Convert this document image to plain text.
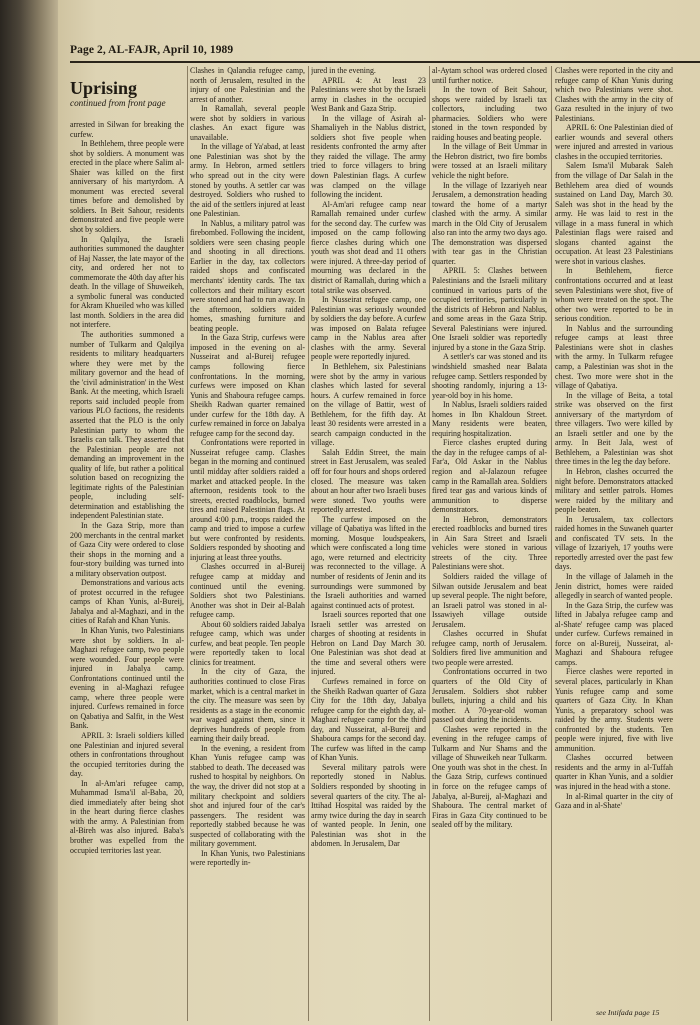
Page 2, AL-FAJR, April 10, 1989
Uprising
continued from front page

arrested in Silwan for breaking the curfew.

In Bethlehem, three people were shot by soldiers. A monument was erected in the place where Salim al-Shaier was killed on the first anniversary of his martyrdom. A monument was erected several times before and demolished by soldiers. In Beit Sahour, residents demonstrated and five people were shot by soldiers.

In Qalqilya, the Israeli authorities summoned the daughter of Haj Nasser, the late mayor of the city, and ordered her not to commemorate the 40th day after his death. In the village of Shuweikeh, a symbolic funeral was conducted for Akram Khueiled who was killed last month. Soldiers in the area did not interfere.

The authorities summoned a number of Tulkarm and Qalqilya residents to military headquarters where they were met by the military governor and the head of the 'civil administration' in the West Bank. At the meeting, which Israeli reports said included people from various PLO factions, the residents asserted that the PLO is the only Palestinian party to whom the Israelis can talk. They asserted that the Palestinian people are not demanding an improvement in the quality of life, but rather a political solution based on recognizing the legitimate rights of the Palestinian people, including self-determination and establishing the independent Palestinian state.

In the Gaza Strip, more than 200 merchants in the central market of Gaza City were ordered to close their shops in the morning and a four-story building was turned into a military observation outpost.

Demonstrations and various acts of protest occurred in the refugee camps of Khan Yunis, al-Bureij, Jabalya and al-Maghazi, and in the cities of Rafah and Khan Yunis.

In Khan Yunis, two Palestinians were shot by soldiers. In al-Maghazi refugee camp, two people were wounded. Four people were injured in Jabalya camp. Confrontations continued until the evening in al-Maghazi refugee camp, where three people were injured. Curfews remained in force on Qabatiya and Salfit, in the West Bank.

APRIL 3: Israeli soldiers killed one Palestinian and injured several others in confrontations throughout the occupied territories during the day.

In al-Am'ari refugee camp, Muhammad Isma'il al-Baba, 20, died immediately after being shot in the heart during fierce clashes with the army. A Palestinian from al-Bireh was also injured. Baba's brother was expelled from the occupied territories last year.

Clashes in Qalandia refugee camp, north of Jerusalem, resulted in the injury of one Palestinian and the arrest of another.

In Ramallah, several people were shot by soldiers in various clashes. An exact figure was unavailable.

In the village of Ya'abad, at least one Palestinian was shot by the army. In Hebron, armed settlers who spread out in the city were stoned by youths. A settler car was destroyed. Soldiers who rushed to the aid of the settlers injured at least one Palestinian.

In Nablus, a military patrol was firebombed. Following the incident, soldiers were seen chasing people and shooting in all directions. Earlier in the day, tax collectors raided shops and confiscated merchants' identity cards. The tax collectors and their military escort were stoned and had to run away. In the afternoon, soldiers raided homes, smashing furniture and beating people.

In the Gaza Strip, curfews were imposed in the evening on al-Nusseirat and al-Bureij refugee camps following fierce confrontations. In the morning, curfews were imposed on Khan Yunis and Shaboura refugee camps. Sheikh Radwan quarter remained under curfew for the 18th day. A curfew remained in force on Jabalya refugee camp for the second day.

Confrontations were reported in Nusseirat refugee camp. Clashes began in the morning and continued until midday after soldiers raided a market and attacked people. In the afternoon, residents took to the streets, erected roadblocks, burned tires and raised Palestinian flags. At around 4:00 p.m., troops raided the camp and tried to impose a curfew but were confronted by residents. Soldiers responded by shooting and injuring at least three youths.

Clashes occurred in al-Bureij refugee camp at midday and continued until the evening. Soldiers shot two Palestinians. Another was shot in Deir al-Balah refugee camp.

About 60 soldiers raided Jabalya refugee camp, which was under curfew, and beat people. Ten people were reportedly taken to local clinics for treatment.

In the city of Gaza, the authorities continued to close Firas market, which is a central market in the city. The measure was seen by residents as a stage in the economic war waged against them, since it deprives hundreds of people from earning their daily bread.

In the evening, a resident from Khan Yunis refugee camp was stabbed to death. The deceased was rushed to hospital by neighbors. On the way, the driver did not stop at a military checkpoint and soldiers shot and injured four of the car's passengers. The resident was reportedly stabbed because he was suspected of collaborating with the military government.

In Khan Yunis, two Palestinians were reportedly in-

jured in the evening.

APRIL 4: At least 23 Palestinians were shot by the Israeli army in clashes in the occupied West Bank and Gaza Strip.

In the village of Asirah al-Shamaliyeh in the Nablus district, soldiers shot five people when residents confronted the army after they raided the village. The army tried to force villagers to bring down Palestinian flags. A curfew was clamped on the village following the incident.

Al-Am'ari refugee camp near Ramallah remained under curfew for the second day. The curfew was imposed on the camp following fierce clashes during which one youth was shot dead and 11 others were injured. A three-day period of mourning was declared in the district of Ramallah, during which a total strike was observed.

In Nusseirat refugee camp, one Palestinian was seriously wounded by soldiers the day before. A curfew was imposed on Balata refugee camp in the Nablus area after clashes with the army. Several people were reportedly injured.

In Bethlehem, six Palestinians were shot by the army in various clashes which lasted for several hours. A curfew remained in force on the village of Battir, west of Bethlehem, for the fifth day. At least 30 residents were arrested in a search campaign conducted in the village.

Salah Eddin Street, the main street in East Jerusalem, was sealed off for four hours and shops ordered closed. The measure was taken about an hour after two Israeli buses were stoned. Two youths were reportedly arrested.

The curfew imposed on the village of Qabatiya was lifted in the morning. Mosque loudspeakers, which were confiscated a long time ago, were returned and electricity was reconnected to the village. A number of residents of Jenin and its surroundings were summoned by the Israeli authorities and warned against continued acts of protest.

Israeli sources reported that one Israeli settler was arrested on charges of shooting at residents in Hebron on Land Day March 30. One Palestinian was shot dead at the time and several others were injured.

Curfews remained in force on the Sheikh Radwan quarter of Gaza City for the 18th day, Jabalya refugee camp for the eighth day, al-Maghazi refugee camp for the third day, and Nusseirat, al-Bureij and Shaboura camps for the second day. The curfew was lifted in the camp of Khan Yunis.

Several military patrols were reportedly stoned in Nablus. Soldiers responded by shooting in several quarters of the city. The al-Ittihad Hospital was raided by the army twice during the day in search of wanted people. In Jenin, one Palestinian was shot in the abdomen. In Jerusalem, Dar

al-Aytam school was ordered closed until further notice.

In the town of Beit Sahour, shops were raided by Israeli tax collectors, including two pharmacies. Soldiers who were stoned in the town responded by raiding houses and beating people.

In the village of Beit Ummar in the Hebron district, two fire bombs were tossed at an Israeli military vehicle the night before.

In the village of Izzariyeh near Jerusalem, a demonstration heading toward the home of a martyr clashed with the army. A similar march in the Old City of Jerusalem also ran into the army two days ago. The demonstration was dispersed with tear gas in the Christian quarter.

APRIL 5: Clashes between Palestinians and the Israeli military continued in various parts of the occupied territories, particularly in the districts of Hebron and Nablus, and some areas in the Gaza Strip. Several Palestinians were injured. One Israeli soldier was reportedly injured by a stone in the Gaza Strip.

A settler's car was stoned and its windshield smashed near Balata refugee camp. Settlers responded by shooting randomly, injuring a 13-year-old boy in his home.

In Nablus, Israeli soldiers raided homes in Ibn Khaldoun Street. Many residents were beaten, requiring hospitalization.

Fierce clashes erupted during the day in the refugee camps of al-Far'a, Old Askar in the Nablus region and al-Jalazoun refugee camp in the Ramallah area. Soldiers fired tear gas and various kinds of ammunition to disperse demonstrators.

In Hebron, demonstrators erected roadblocks and burned tires in Ain Sara Street and Israeli vehicles were stoned in various streets of the city. Three Palestinians were shot.

Soldiers raided the village of Silwan outside Jerusalem and beat up several people. The night before, an Israeli patrol was stoned in al-Issawiyeh village outside Jerusalem.

Clashes occurred in Shufat refugee camp, north of Jerusalem. Soldiers fired live ammunition and two people were arrested.

Confrontations occurred in two quarters of the Old City of Jerusalem. Soldiers shot rubber bullets, injuring a child and his mother. A 70-year-old woman passed out during the incidents.

Clashes were reported in the evening in the refugee camps of Tulkarm and Nur Shams and the village of Shuweikeh near Tulkarm. One youth was shot in the chest. In the Gaza Strip, curfews continued in force on the refugee camps of Jabalya, al-Bureij, al-Maghazi and Shaboura. The central market of Firas in Gaza City continued to be sealed off by the military.

Clashes were reported in the city and refugee camp of Khan Yunis during which two Palestinians were shot. Clashes with the army in the city of Gaza resulted in the injury of two Palestinians.

APRIL 6: One Palestinian died of earlier wounds and several others were injured and arrested in various clashes in the occupied territories.

Salem Isma'il Mubarak Saleh from the village of Dar Salah in the Bethlehem area died of wounds sustained on Land Day, March 30. Saleh was shot in the head by the army. He was laid to rest in the village in a mass funeral in which Palestinian flags were raised and slogans chanted against the occupation. At least 23 Palestinians were shot in various clashes.

In Bethlehem, fierce confrontations occurred and at least seven Palestinians were shot, five of whom were treated on the spot. The other two were reported to be in serious condition.

In Nablus and the surrounding refugee camps at least three Palestinians were shot in clashes with the army. In Tulkarm refugee camp, a Palestinian was shot in the chest. Two more were shot in the village of Qabatiya.

In the village of Beita, a total strike was observed on the first anniversary of the martyrdom of three villagers. Two were killed by an Israeli settler and one by the army. In Beit Jala, west of Bethlehem, a Palestinian was shot three times in the leg the day before.

In Hebron, clashes occurred the night before. Demonstrators attacked military and settler patrols. Homes were raided by the military and people beaten.

In Jerusalem, tax collectors raided homes in the Suwaneh quarter and confiscated TV sets. In the village of Izzariyeh, 17 youths were reportedly arrested over the past few days.

In the village of Jalameh in the Jenin district, homes were raided allegedly in search of wanted people.

In the Gaza Strip, the curfew was lifted in Jabalya refugee camp and al-Shate' refugee camp was placed under curfew. Curfews remained in force on al-Bureij, Nusseirat, al-Maghazi and Shaboura refugee camps.

Fierce clashes were reported in several places, particularly in Khan Yunis refugee camp and some quarters of Gaza City. In Khan Yunis, a preparatory school was raided by the army. Students were confronted by the students. Ten people were injured, five with live ammunition.

Clashes occurred between residents and the army in al-Tuffah quarter in Khan Yunis, and a soldier was injured in the head with a stone.

In al-Rimal quarter in the city of Gaza and in al-Shate'

see Intifada page 15
